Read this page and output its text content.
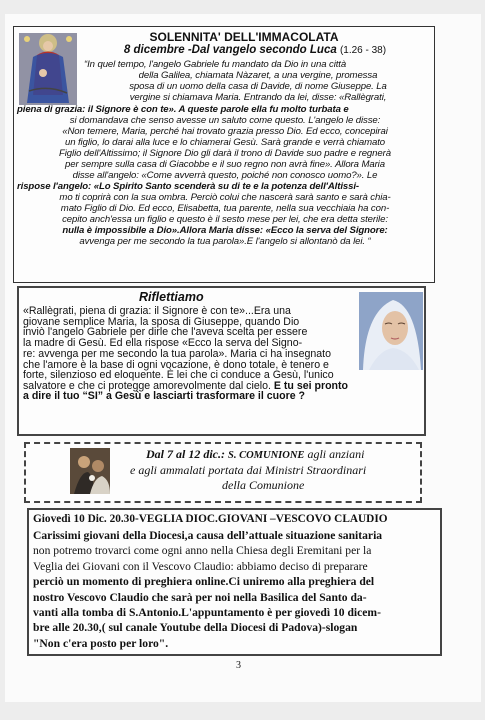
SOLENNITA' DELL'IMMACOLATA
8 dicembre -Dal vangelo secondo Luca (1.26 - 38)
“In quel tempo, l'angelo Gabriele fu mandato da Dio in una città
della Galilea, chiamata Nàzaret, a una vergine, promessa
sposa di un uomo della casa di Davide, di nome Giuseppe. La
vergine si chiamava Maria. Entrando da lei, disse: «Rallègrati,
piena di grazia: il Signore è con te». A queste parole ella fu molto turbata e
si domandava che senso avesse un saluto come questo. L'angelo le disse:
«Non temere, Maria, perché hai trovato grazia presso Dio. Ed ecco, concepirai
un figlio, lo darai alla luce e lo chiamerai Gesù. Sarà grande e verrà chiamato
Figlio dell'Altissimo; il Signore Dio gli darà il trono di Davide suo padre e regnerà
per sempre sulla casa di Giacobbe e il suo regno non avrà fine». Allora Maria
disse all'angelo: «Come avverrà questo, poiché non conosco uomo?». Le
rispose l'angelo: «Lo Spirito Santo scenderà su di te e la potenza dell'Altissi-
mo ti coprirà con la sua ombra. Perciò colui che nascerà sarà santo e sarà chia-
mato Figlio di Dio. Ed ecco, Elisabetta, tua parente, nella sua vecchiaia ha con-
cepito anch'essa un figlio e questo è il sesto mese per lei, che era detta sterile:
nulla è impossibile a Dio».Allora Maria disse: «Ecco la serva del Signore:
avvenga per me secondo la tua parola».E l'angelo si allontanò da lei. “
Riflettiamo
«Rallègrati, piena di grazia: il Signore è con te»...Era una
giovane semplice Maria, la sposa di Giuseppe, quando Dio
inviò l'angelo Gabriele per dirle che l'aveva scelta per essere
la madre di Gesù. Ed ella rispose «Ecco la serva del Signo-
re: avvenga per me secondo la tua parola». Maria ci ha insegnato
che l'amore è la base di ogni vocazione, è dono totale, è tenero e
forte, silenzioso ed eloquente. È lei che ci conduce a Gesù, l'unico
salvatore e che ci protegge amorevolmente dal cielo. E tu sei pronto
a dire il tuo “SI” a Gesù e lasciarti trasformare il cuore ?
Dal 7 al 12 dic.: S. COMUNIONE agli anziani
e agli ammalati portata dai Ministri Straordinari
della Comunione
Giovedì 10 Dic. 20.30-VEGLIA DIOC.GIOVANI –VESCOVO CLAUDIO
Carissimi giovani della Diocesi,a causa dell’attuale situazione sanitaria
non potremo trovarci come ogni anno nella Chiesa degli Eremitani per la
Veglia dei Giovani con il Vescovo Claudio: abbiamo deciso di preparare
perciò un momento di preghiera online.Ci uniremo alla preghiera del
nostro Vescovo Claudio che sarà per noi nella Basilica del Santo da-
vanti alla tomba di S.Antonio.L'appuntamento è per giovedì 10 dicem-
bre alle 20.30,( sul canale Youtube della Diocesi di Padova)-slogan
"Non c'era posto per loro".
3
